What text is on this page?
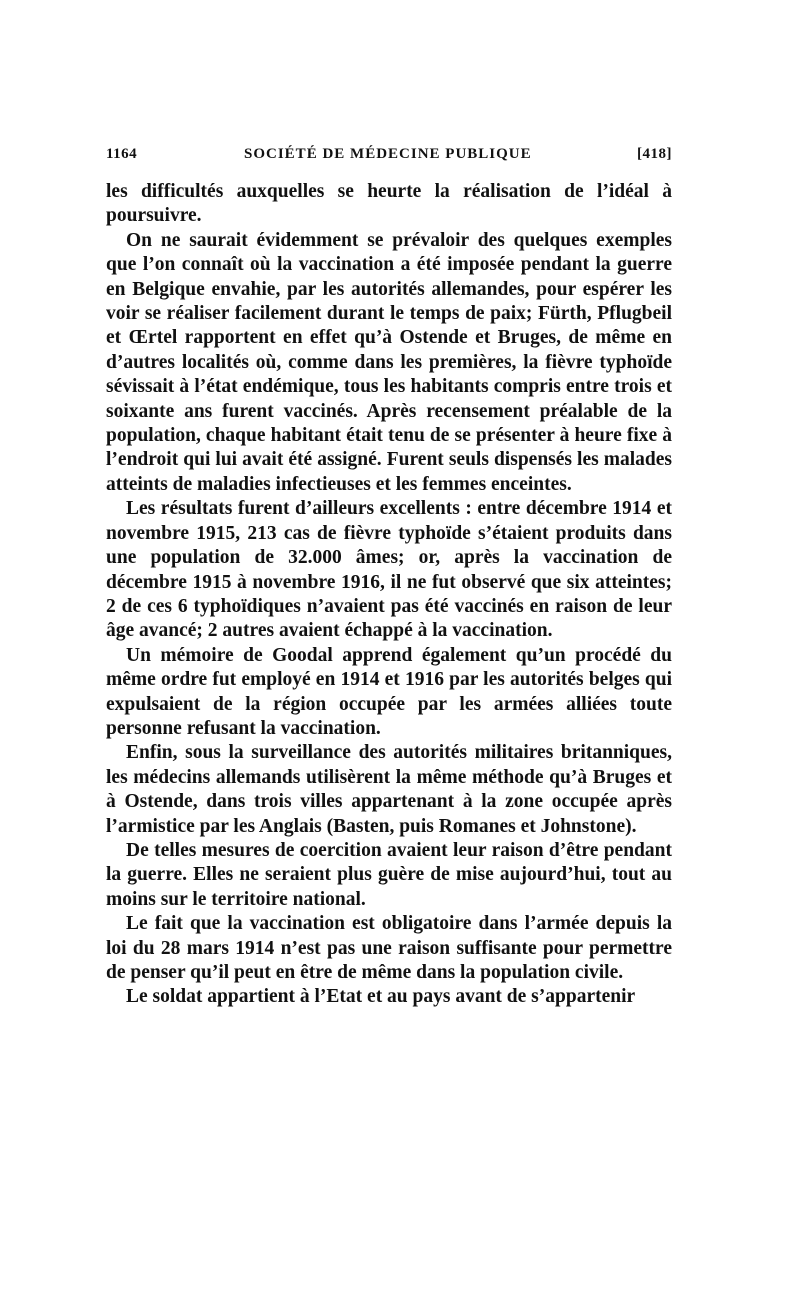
1164	SOCIÉTÉ DE MÉDECINE PUBLIQUE	[418]

les difficultés auxquelles se heurte la réalisation de l’idéal à poursuivre.

On ne saurait évidemment se prévaloir des quelques exemples que l’on connaît où la vaccination a été imposée pendant la guerre en Belgique envahie, par les autorités allemandes, pour espérer les voir se réaliser facilement durant le temps de paix; Fürth, Pflugbeil et Œrtel rapportent en effet qu’à Ostende et Bruges, de même en d’autres localités où, comme dans les premières, la fièvre typhoïde sévissait à l’état endémique, tous les habitants compris entre trois et soixante ans furent vaccinés. Après recensement préalable de la population, chaque habitant était tenu de se présenter à heure fixe à l’endroit qui lui avait été assigné. Furent seuls dispensés les malades atteints de maladies infectieuses et les femmes enceintes.

Les résultats furent d’ailleurs excellents : entre décembre 1914 et novembre 1915, 213 cas de fièvre typhoïde s’étaient produits dans une population de 32.000 âmes; or, après la vaccination de décembre 1915 à novembre 1916, il ne fut observé que six atteintes; 2 de ces 6 typhoïdiques n’avaient pas été vaccinés en raison de leur âge avancé; 2 autres avaient échappé à la vaccination.

Un mémoire de Goodal apprend également qu’un procédé du même ordre fut employé en 1914 et 1916 par les autorités belges qui expulsaient de la région occupée par les armées alliées toute personne refusant la vaccination.

Enfin, sous la surveillance des autorités militaires britanniques, les médecins allemands utilisèrent la même méthode qu’à Bruges et à Ostende, dans trois villes appartenant à la zone occupée après l’armistice par les Anglais (Basten, puis Romanes et Johnstone).

De telles mesures de coercition avaient leur raison d’être pendant la guerre. Elles ne seraient plus guère de mise aujourd’hui, tout au moins sur le territoire national.

Le fait que la vaccination est obligatoire dans l’armée depuis la loi du 28 mars 1914 n’est pas une raison suffisante pour permettre de penser qu’il peut en être de même dans la population civile.

Le soldat appartient à l’Etat et au pays avant de s’appartenir
